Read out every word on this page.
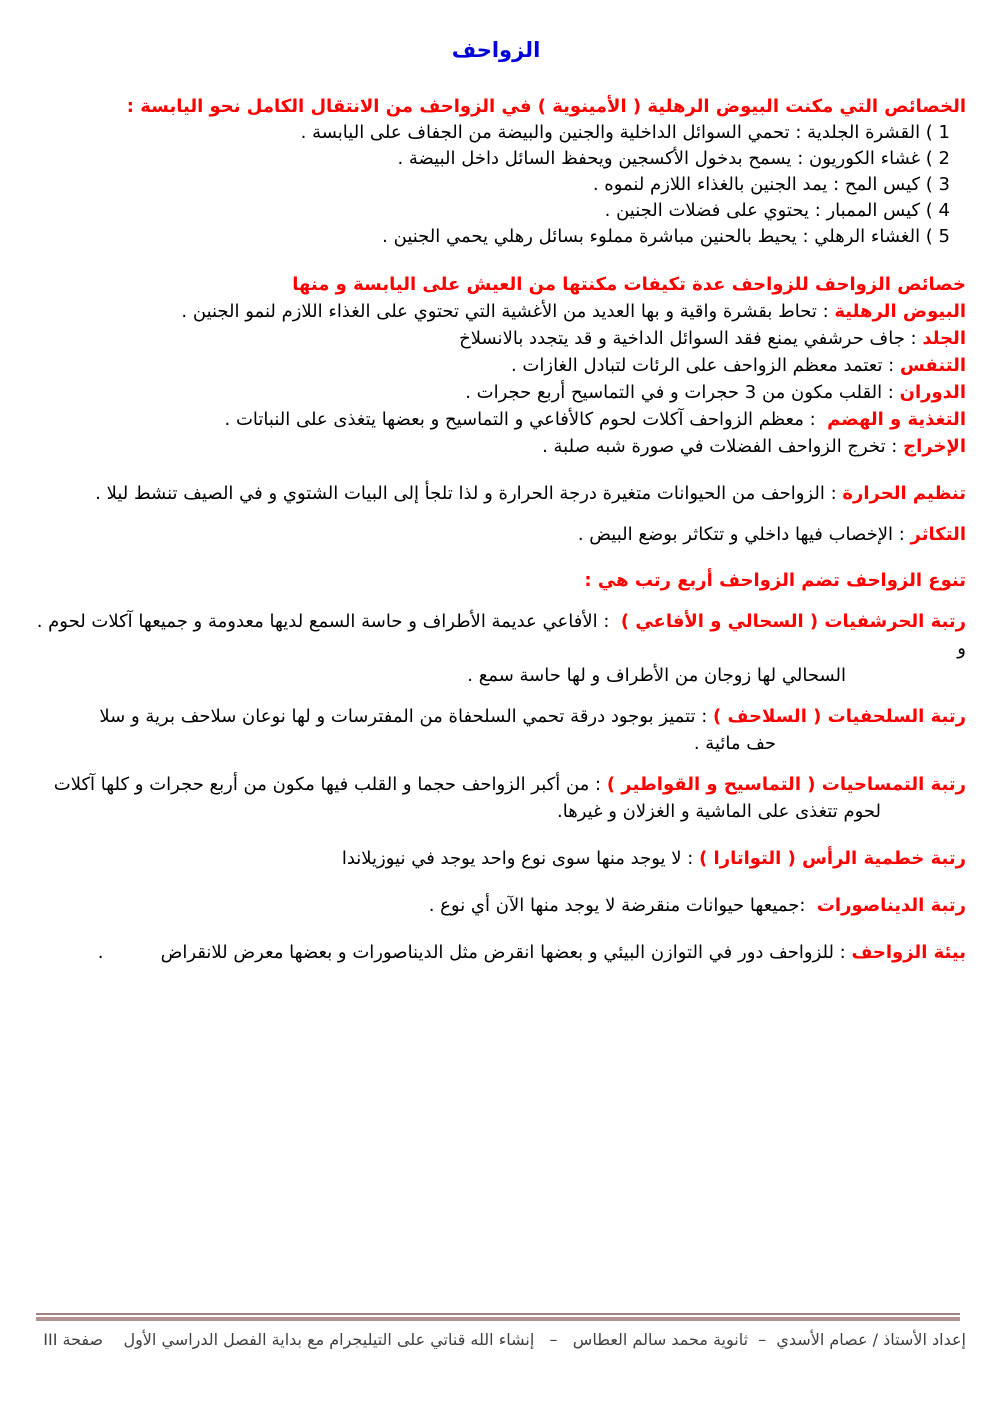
الزواحف
الخصائص التي مكنت البيوض الرهلية ( الأمينوية ) في الزواحف من الانتقال الكامل نحو اليابسة :
1 ) القشرة الجلدية : تحمي السوائل الداخلية والجنين والبيضة من الجفاف على اليابسة .
2 ) غشاء الكوريون : يسمح بدخول الأكسجين ويحفظ السائل داخل البيضة .
3 ) كيس المح : يمد الجنين بالغذاء اللازم لنموه .
4 ) كيس الممبار : يحتوي على فضلات الجنين .
5 ) الغشاء الرهلي : يحيط بالحنين مباشرة مملوء بسائل رهلي يحمي الجنين .
خصائص الزواحف للزواحف عدة تكيفات مكنتها من العيش على اليابسة و منها
البيوض الرهلية : تحاط بقشرة واقية و بها العديد من الأغشية التي تحتوي على الغذاء اللازم لنمو الجنين .
الجلد : جاف حرشفي يمنع فقد السوائل الداخية و قد يتجدد بالانسلاخ
التنفس : تعتمد معظم الزواحف على الرئات لتبادل الغازات .
الدوران : القلب مكون من 3 حجرات و في التماسيح أربع حجرات .
التغذية و الهضم  : معظم الزواحف آكلات لحوم كالأفاعي و التماسيح و بعضها يتغذى على النباتات .
الإخراج : تخرج الزواحف الفضلات في صورة شبه صلبة .
تنظيم الحرارة : الزواحف من الحيوانات متغيرة درجة الحرارة و لذا تلجأ إلى البيات الشتوي و في الصيف تنشط ليلا .
التكاثر : الإخصاب فيها داخلي و تتكاثر بوضع البيض .
تنوع الزواحف تضم الزواحف أربع رتب هي :
رتبة الحرشفيات ( السحالي و الأفاعي )  : الأفاعي عديمة الأطراف و حاسة السمع لديها معدومة و جميعها آكلات لحوم . و
السحالي لها زوجان من الأطراف و لها حاسة سمع .
رتبة السلحفيات ( السلاحف ) : تتميز بوجود درقة تحمي السلحفاة من المفترسات و لها نوعان سلاحف برية و سلا
حف مائية .
رتبة التمساحيات ( التماسيح و القواطير ) : من أكبر الزواحف حجما و القلب فيها مكون من أربع حجرات و كلها آكلات
لحوم تتغذى على الماشية و الغزلان و غيرها.
رتبة خطمية الرأس ( التواتارا ) : لا يوجد منها سوى نوع واحد يوجد في نيوزيلاندا
رتبة الديناصورات  :جميعها حيوانات منقرضة لا يوجد منها الآن أي نوع .
بيئة الزواحف : للزواحف دور في التوازن البيئي و بعضها انقرض مثل الديناصورات و بعضها معرض للانقراض          .
إعداد الأستاذ / عصام الأسدي  –  ثانوية محمد سالم العطاس   –   إنشاء الله قناتي على التيليجرام مع بداية الفصل الدراسي الأول    صفحة III
